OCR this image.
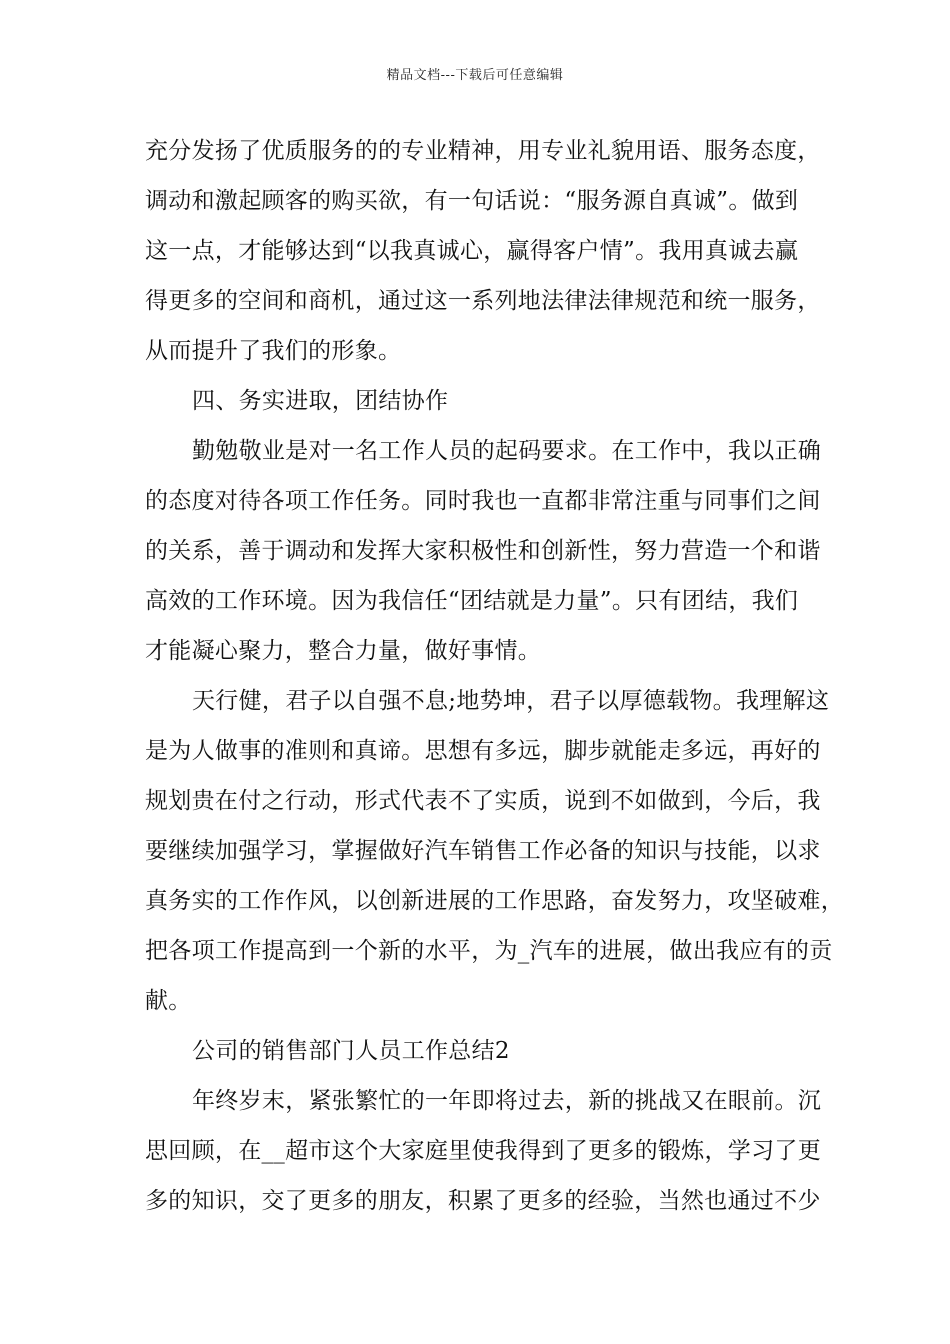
精品文档---下载后可任意编辑
充分发扬了优质服务的的专业精神，用专业礼貌用语、服务态度，
调动和激起顾客的购买欲，有一句话说：“服务源自真诚”。做到
这一点，才能够达到“以我真诚心，赢得客户情”。我用真诚去赢
得更多的空间和商机，通过这一系列地法律法律规范和统一服务，
从而提升了我们的形象。
四、务实进取，团结协作
勤勉敬业是对一名工作人员的起码要求。在工作中，我以正确
的态度对待各项工作任务。同时我也一直都非常注重与同事们之间
的关系，善于调动和发挥大家积极性和创新性，努力营造一个和谐
高效的工作环境。因为我信任“团结就是力量”。只有团结，我们
才能凝心聚力，整合力量，做好事情。
天行健，君子以自强不息;地势坤，君子以厚德载物。我理解这
是为人做事的准则和真谛。思想有多远，脚步就能走多远，再好的
规划贵在付之行动，形式代表不了实质，说到不如做到，今后，我
要继续加强学习，掌握做好汽车销售工作必备的知识与技能，以求
真务实的工作作风，以创新进展的工作思路，奋发努力，攻坚破难，
把各项工作提高到一个新的水平，为_汽车的进展，做出我应有的贡
献。
公司的销售部门人员工作总结2
年终岁末，紧张繁忙的一年即将过去，新的挑战又在眼前。沉
思回顾，在__超市这个大家庭里使我得到了更多的锻炼，学习了更
多的知识，交了更多的朋友，积累了更多的经验，当然也通过不少
